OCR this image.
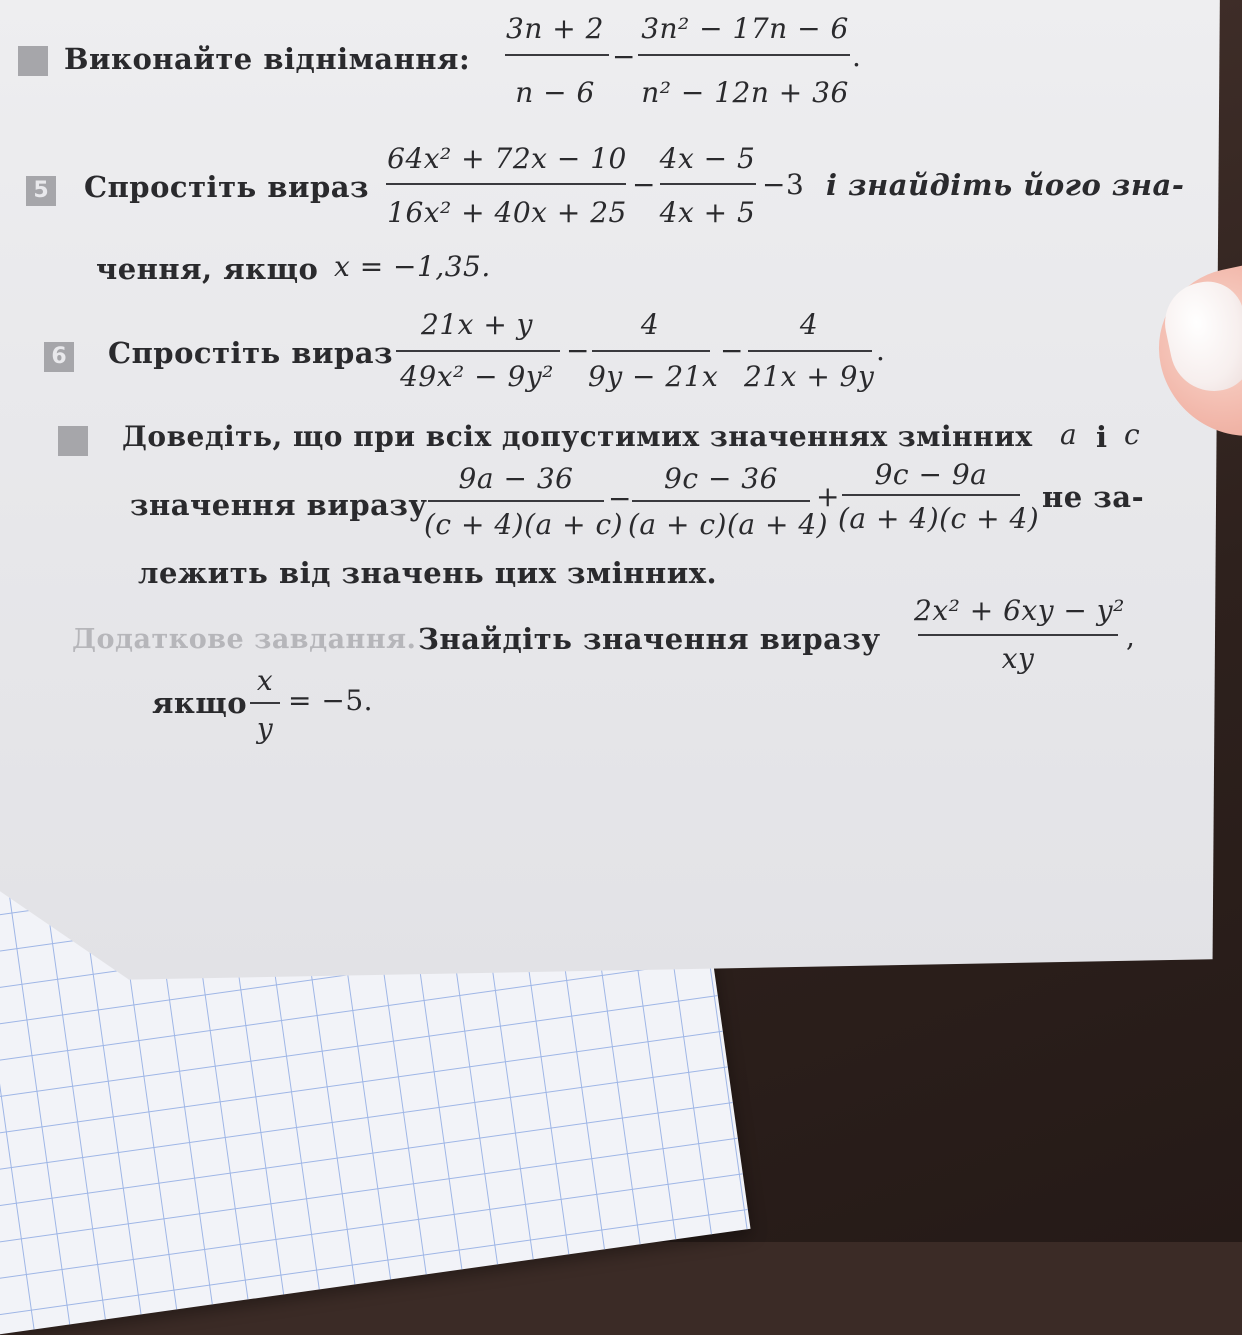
Виконайте віднімання:
3n + 2
n − 6
−
3n² − 17n − 6
n² − 12n + 36
.
5 Спростіть вираз
64x² + 72x − 10
16x² + 40x + 25
−
4x − 5
4x + 5
−3 і знайдіть його зна-
чення, якщо x = −1,35.
6 Спростіть вираз
21x + y
49x² − 9y²
−
4
9y − 21x
−
4
21x + 9y
.
Доведіть, що при всіх допустимих значеннях змінних a і c
значення виразу
9a − 36
(c + 4)(a + c)
−
9c − 36
(a + c)(a + 4)
+
9c − 9a
(a + 4)(c + 4)
не за-
лежить від значень цих змінних.
Додаткове завдання. Знайдіть значення виразу
2x² + 6xy − y²
xy
,
якщо
x
y
= −5.
